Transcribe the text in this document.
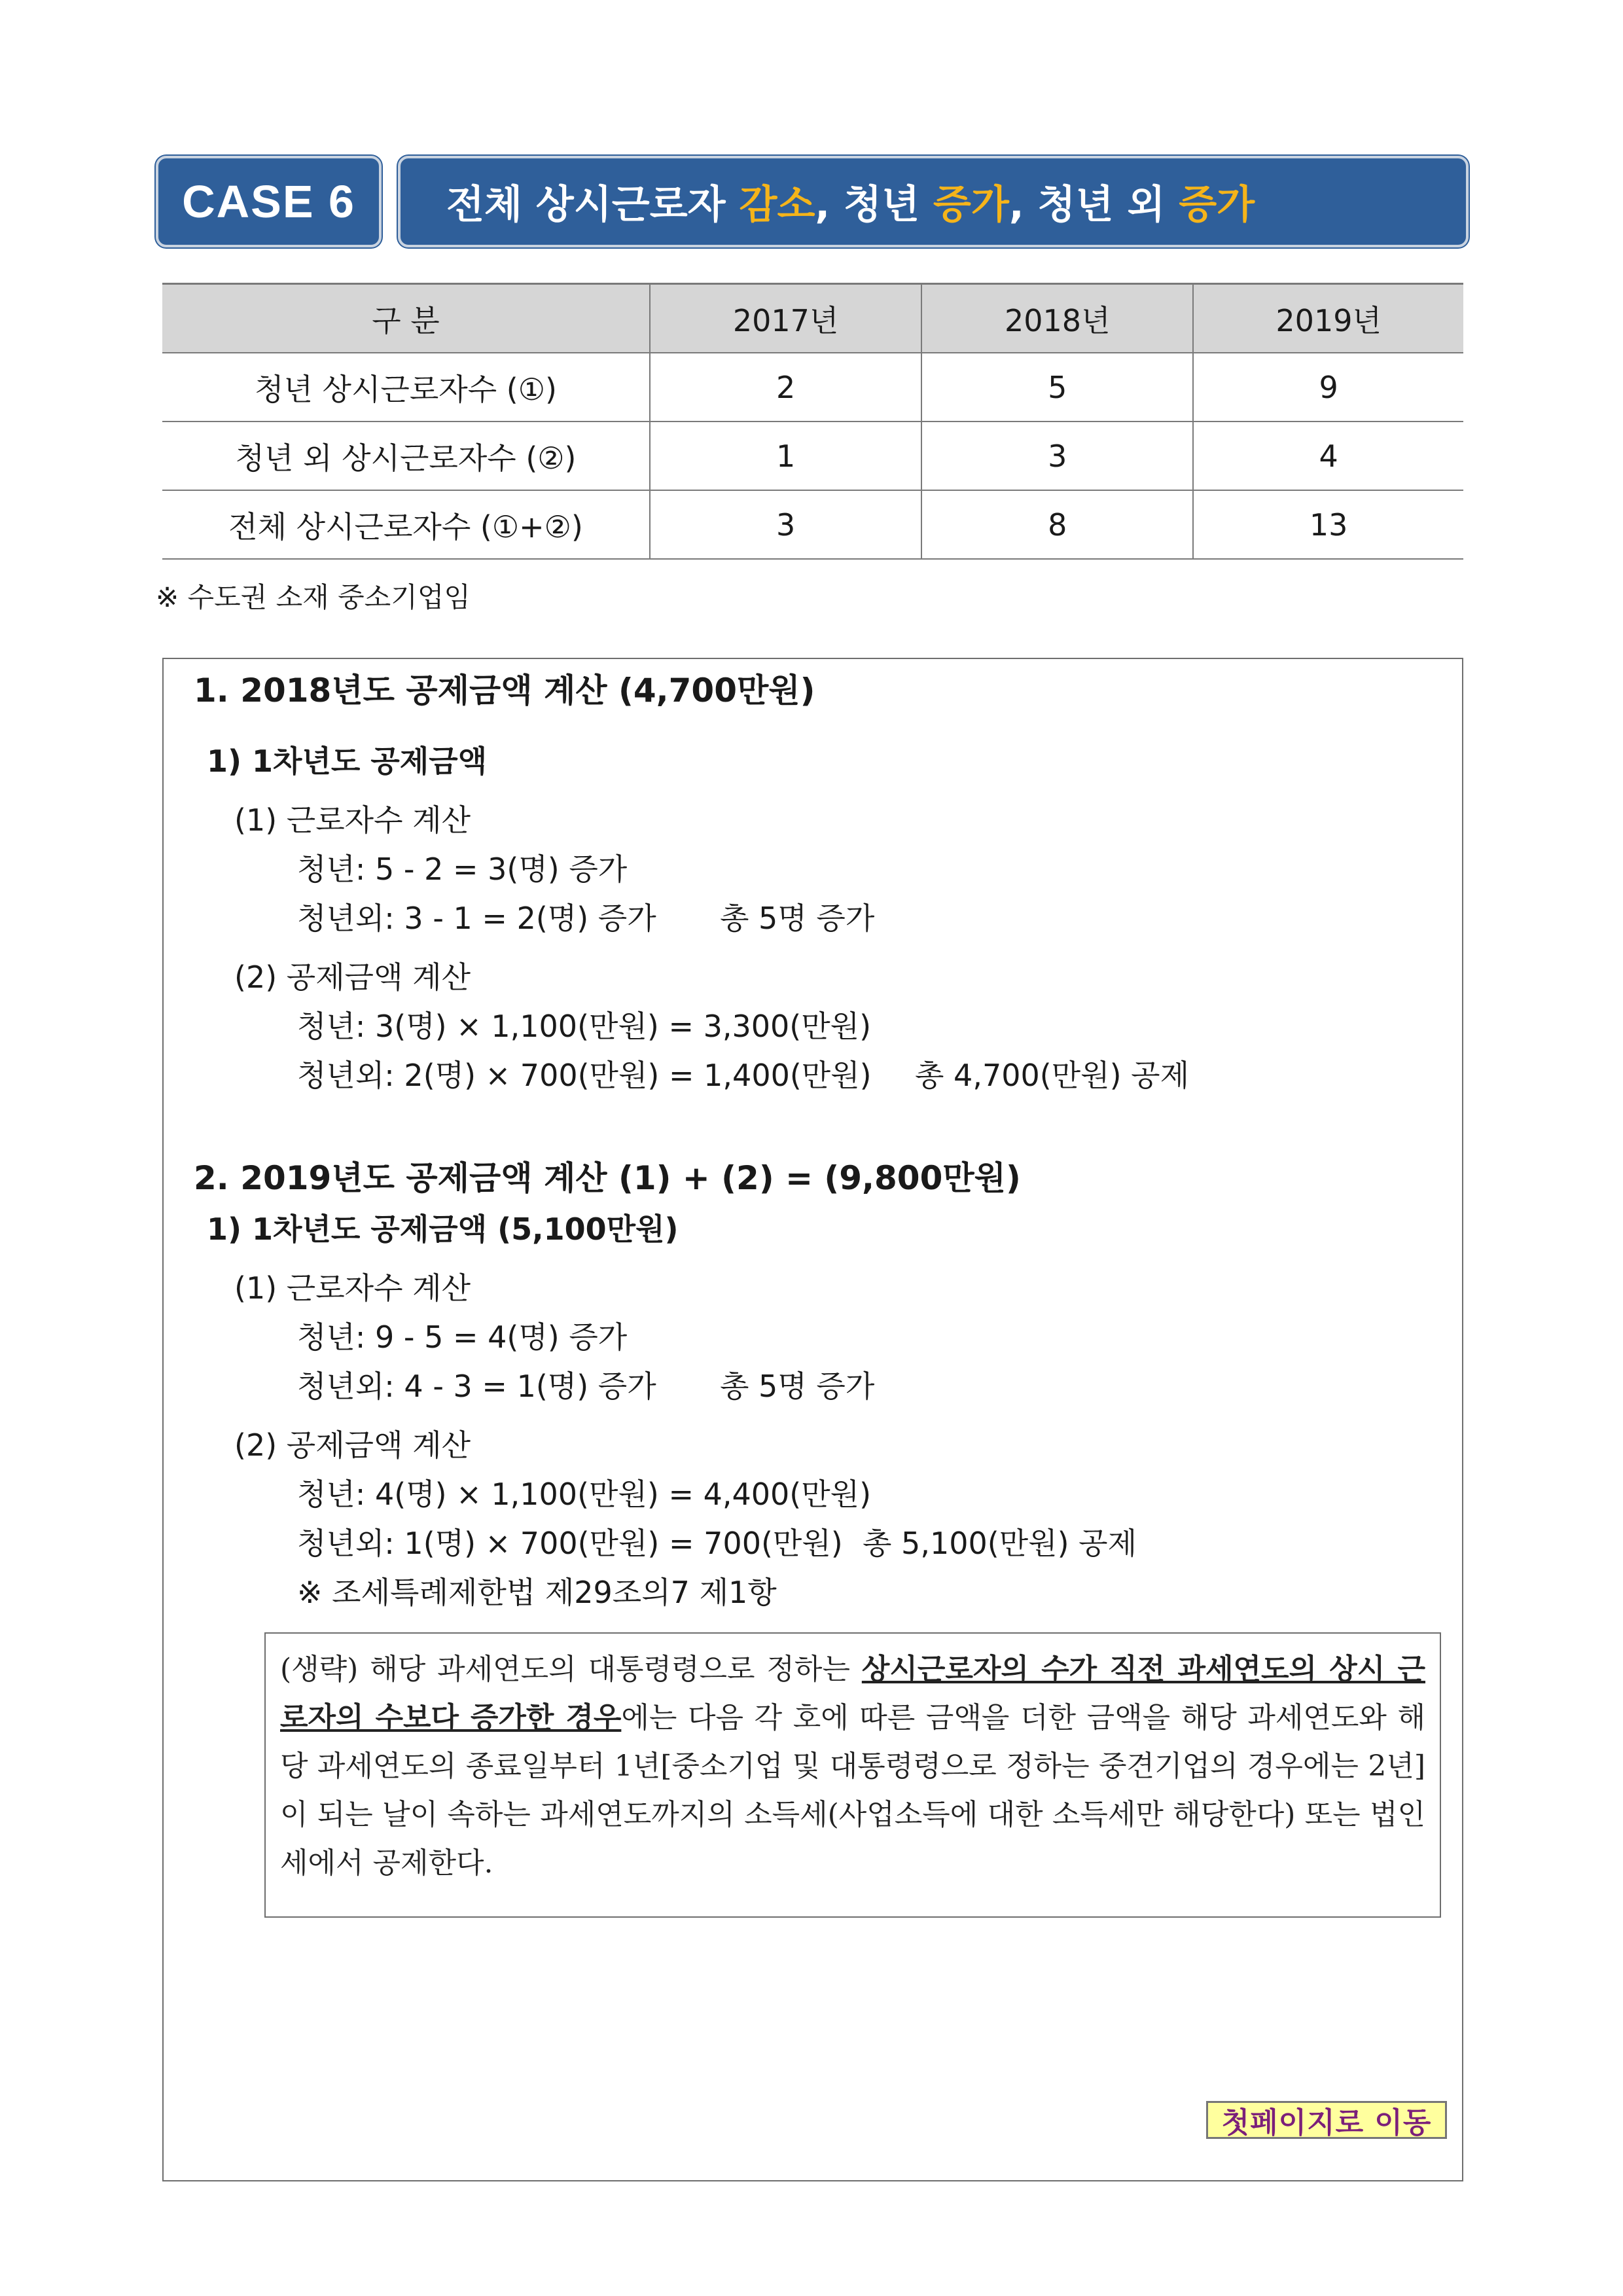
CASE 6	전체 상시근로자 감소 , 청년 증가 , 청년 외 증가
구 분	2017년	2018년	2019년
청년 상시근로자수 (①)	2	5	9
청년 외 상시근로자수 (②)	1	3	4
전체 상시근로자수 (①+②)	3	8	13
※ 수도권 소재 중소기업임
1. 2018년도 공제금액 계산 (4,700만원)
1) 1차년도 공제금액
(1) 근로자수 계산
청년: 5 - 2 = 3(명) 증가
청년외: 3 - 1 = 2(명) 증가 총 5명 증가
(2) 공제금액 계산
청년: 3(명) × 1,100(만원) = 3,300(만원)
청년외: 2(명) × 700(만원) = 1,400(만원) 총 4,700(만원) 공제
2. 2019년도 공제금액 계산 (1) + (2) = (9,800만원)
1) 1차년도 공제금액 (5,100만원)
(1) 근로자수 계산
청년: 9 - 5 = 4(명) 증가
청년외: 4 - 3 = 1(명) 증가 총 5명 증가
(2) 공제금액 계산
청년: 4(명) × 1,100(만원) = 4,400(만원)
청년외: 1(명) × 700(만원) = 700(만원) 총 5,100(만원) 공제
※ 조세특례제한법 제29조의7 제1항
(생략) 해당 과세연도의 대통령령으로 정하는 상시근로자의 수가 직전 과세연도의 상시 근로자의 수보다 증가한 경우에는 다음 각 호에 따른 금액을 더한 금액을 해당 과세연도와 해당 과세연도의 종료일부터 1년[중소기업 및 대통령령으로 정하는 중견기업의 경우에는 2년]이 되는 날이 속하는 과세연도까지의 소득세(사업소득에 대한 소득세만 해당한다) 또는 법인세에서 공제한다.
첫페이지로 이동
